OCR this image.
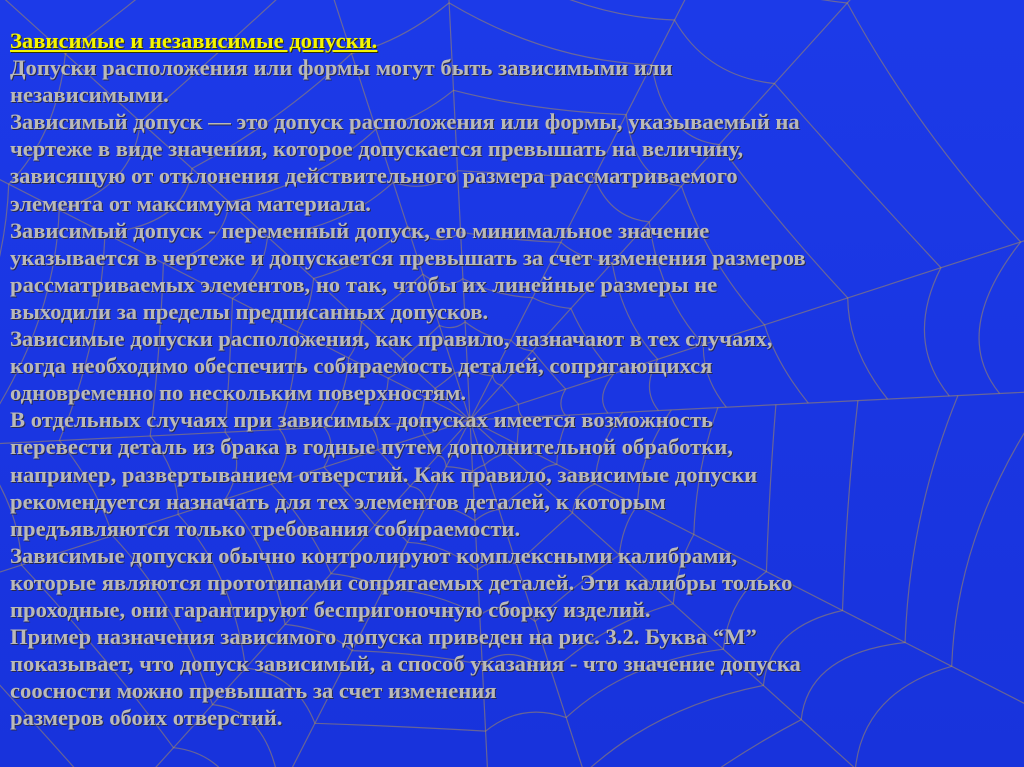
Зависимые и независимые допуски.
Допуски расположения или формы могут быть зависимыми или
независимыми.
Зависимый допуск — это допуск расположения или формы, указываемый на
чертеже в виде значения, которое допускается превышать на величину,
зависящую от отклонения действительного размера рассматриваемого
элемента от максимума материала.
Зависимый допуск - переменный допуск, его минимальное значение
указывается в чертеже и допускается превышать за счет изменения размеров
рассматриваемых элементов, но так, чтобы их линейные размеры не
выходили за пределы предписанных допусков.
Зависимые допуски расположения, как правило, назначают в тех случаях,
когда необходимо обеспечить собираемость деталей, сопрягающихся
одновременно по нескольким поверхностям.
В отдельных случаях при зависимых допусках имеется возможность
перевести деталь из брака в годные путем дополнительной обработки,
например, развертыванием отверстий. Как правило, зависимые допуски
рекомендуется назначать для тех элементов деталей, к которым
предъявляются только требования собираемости.
Зависимые допуски обычно контролируют комплексными калибрами,
которые являются прототипами сопрягаемых деталей. Эти калибры только
проходные, они гарантируют беспригоночную сборку изделий.
Пример назначения зависимого допуска приведен на рис. 3.2. Буква “М”
показывает, что допуск зависимый, а способ указания - что значение допуска
соосности можно превышать за счет изменения
размеров обоих отверстий.
